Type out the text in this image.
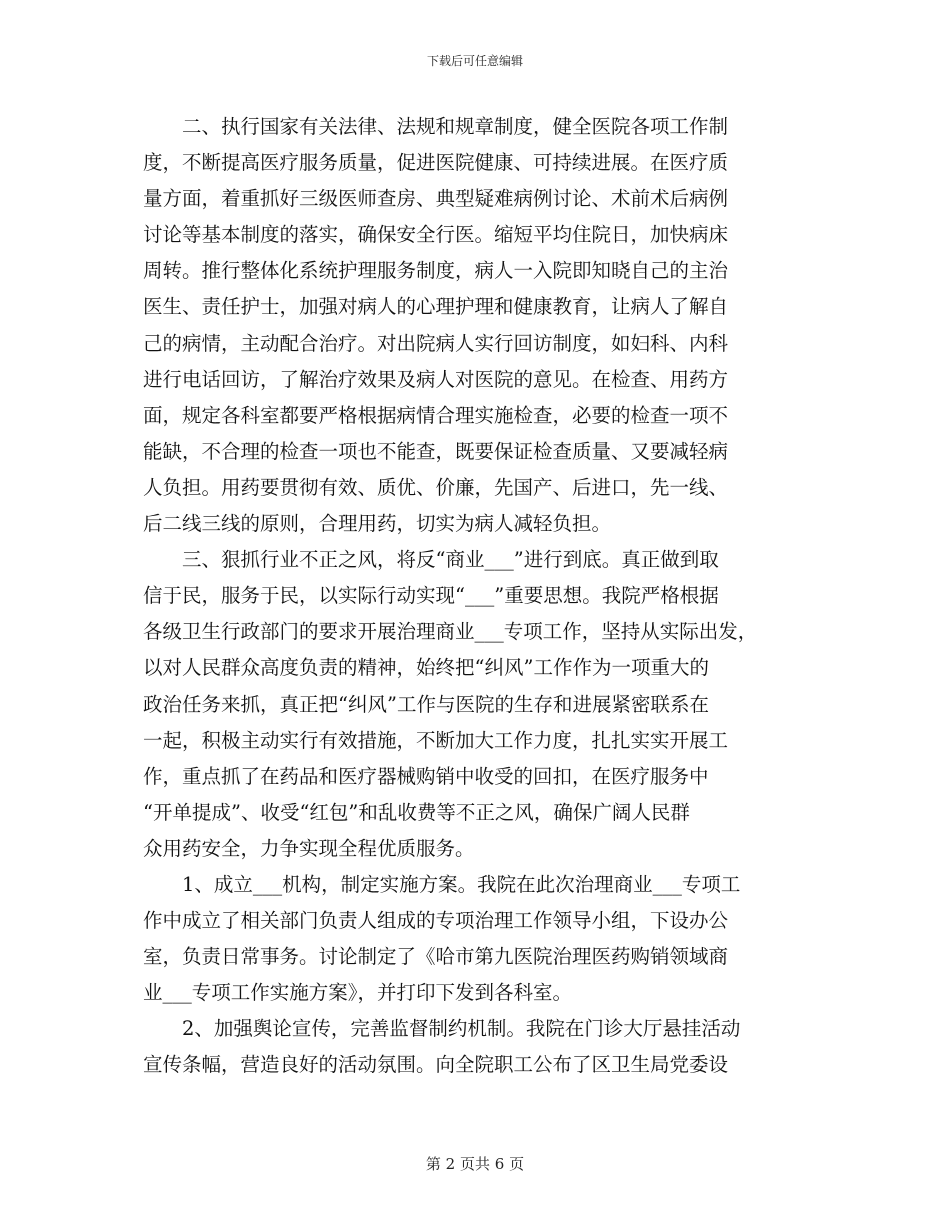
下载后可任意编辑
　　二、执行国家有关法律、法规和规章制度，健全医院各项工作制
度，不断提高医疗服务质量，促进医院健康、可持续进展。在医疗质
量方面，着重抓好三级医师查房、典型疑难病例讨论、术前术后病例
讨论等基本制度的落实，确保安全行医。缩短平均住院日，加快病床
周转。推行整体化系统护理服务制度，病人一入院即知晓自己的主治
医生、责任护士，加强对病人的心理护理和健康教育，让病人了解自
己的病情，主动配合治疗。对出院病人实行回访制度，如妇科、内科
进行电话回访，了解治疗效果及病人对医院的意见。在检查、用药方
面，规定各科室都要严格根据病情合理实施检查，必要的检查一项不
能缺，不合理的检查一项也不能查，既要保证检查质量、又要减轻病
人负担。用药要贯彻有效、质优、价廉，先国产、后进口，先一线、
后二线三线的原则，合理用药，切实为病人减轻负担。
　　三、狠抓行业不正之风，将反“商业___”进行到底。真正做到取
信于民，服务于民，以实际行动实现“___”重要思想。我院严格根据
各级卫生行政部门的要求开展治理商业___专项工作，坚持从实际出发，
以对人民群众高度负责的精神，始终把“纠风”工作作为一项重大的
政治任务来抓，真正把“纠风”工作与医院的生存和进展紧密联系在
一起，积极主动实行有效措施，不断加大工作力度，扎扎实实开展工
作，重点抓了在药品和医疗器械购销中收受的回扣，在医疗服务中
“开单提成”、收受“红包”和乱收费等不正之风，确保广阔人民群
众用药安全，力争实现全程优质服务。
　　1、成立___机构，制定实施方案。我院在此次治理商业___专项工
作中成立了相关部门负责人组成的专项治理工作领导小组，下设办公
室，负责日常事务。讨论制定了《哈市第九医院治理医药购销领域商
业___专项工作实施方案》，并打印下发到各科室。
　　2、加强舆论宣传，完善监督制约机制。我院在门诊大厅悬挂活动
宣传条幅，营造良好的活动氛围。向全院职工公布了区卫生局党委设
第 2 页共 6 页
